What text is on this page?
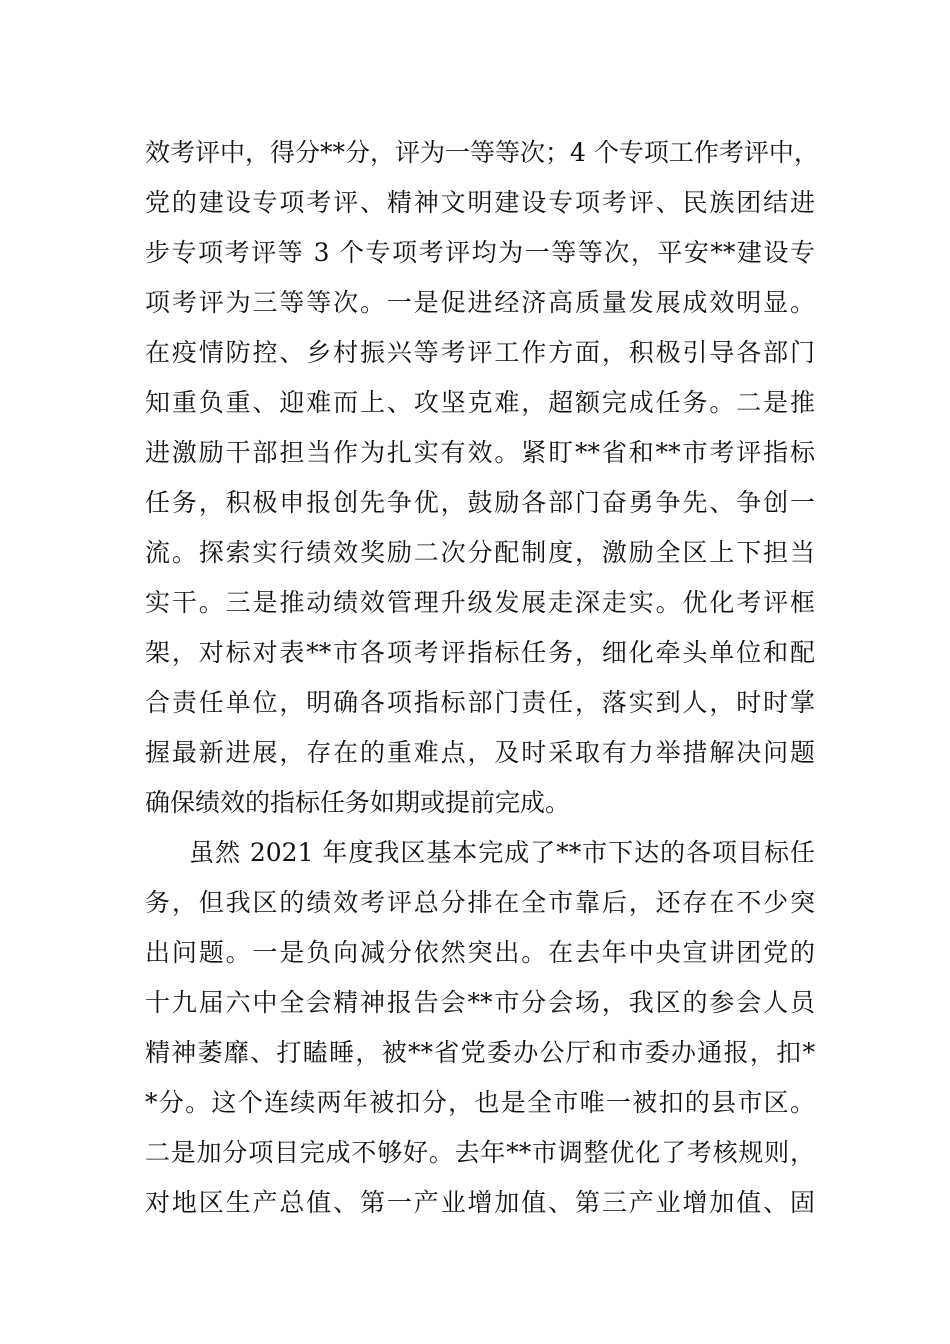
效考评中，得分**分，评为一等等次；4 个专项工作考评中，
党的建设专项考评、精神文明建设专项考评、民族团结进
步专项考评等 3 个专项考评均为一等等次，平安**建设专
项考评为三等等次。一是促进经济高质量发展成效明显。
在疫情防控、乡村振兴等考评工作方面，积极引导各部门
知重负重、迎难而上、攻坚克难，超额完成任务。二是推
进激励干部担当作为扎实有效。紧盯**省和**市考评指标
任务，积极申报创先争优，鼓励各部门奋勇争先、争创一
流。探索实行绩效奖励二次分配制度，激励全区上下担当
实干。三是推动绩效管理升级发展走深走实。优化考评框
架，对标对表**市各项考评指标任务，细化牵头单位和配
合责任单位，明确各项指标部门责任，落实到人，时时掌
握最新进展，存在的重难点，及时采取有力举措解决问题
确保绩效的指标任务如期或提前完成。
虽然 2021 年度我区基本完成了**市下达的各项目标任
务，但我区的绩效考评总分排在全市靠后，还存在不少突
出问题。一是负向减分依然突出。在去年中央宣讲团党的
十九届六中全会精神报告会**市分会场，我区的参会人员
精神萎靡、打瞌睡，被**省党委办公厅和市委办通报，扣*
*分。这个连续两年被扣分，也是全市唯一被扣的县市区。
二是加分项目完成不够好。去年**市调整优化了考核规则，
对地区生产总值、第一产业增加值、第三产业增加值、固
